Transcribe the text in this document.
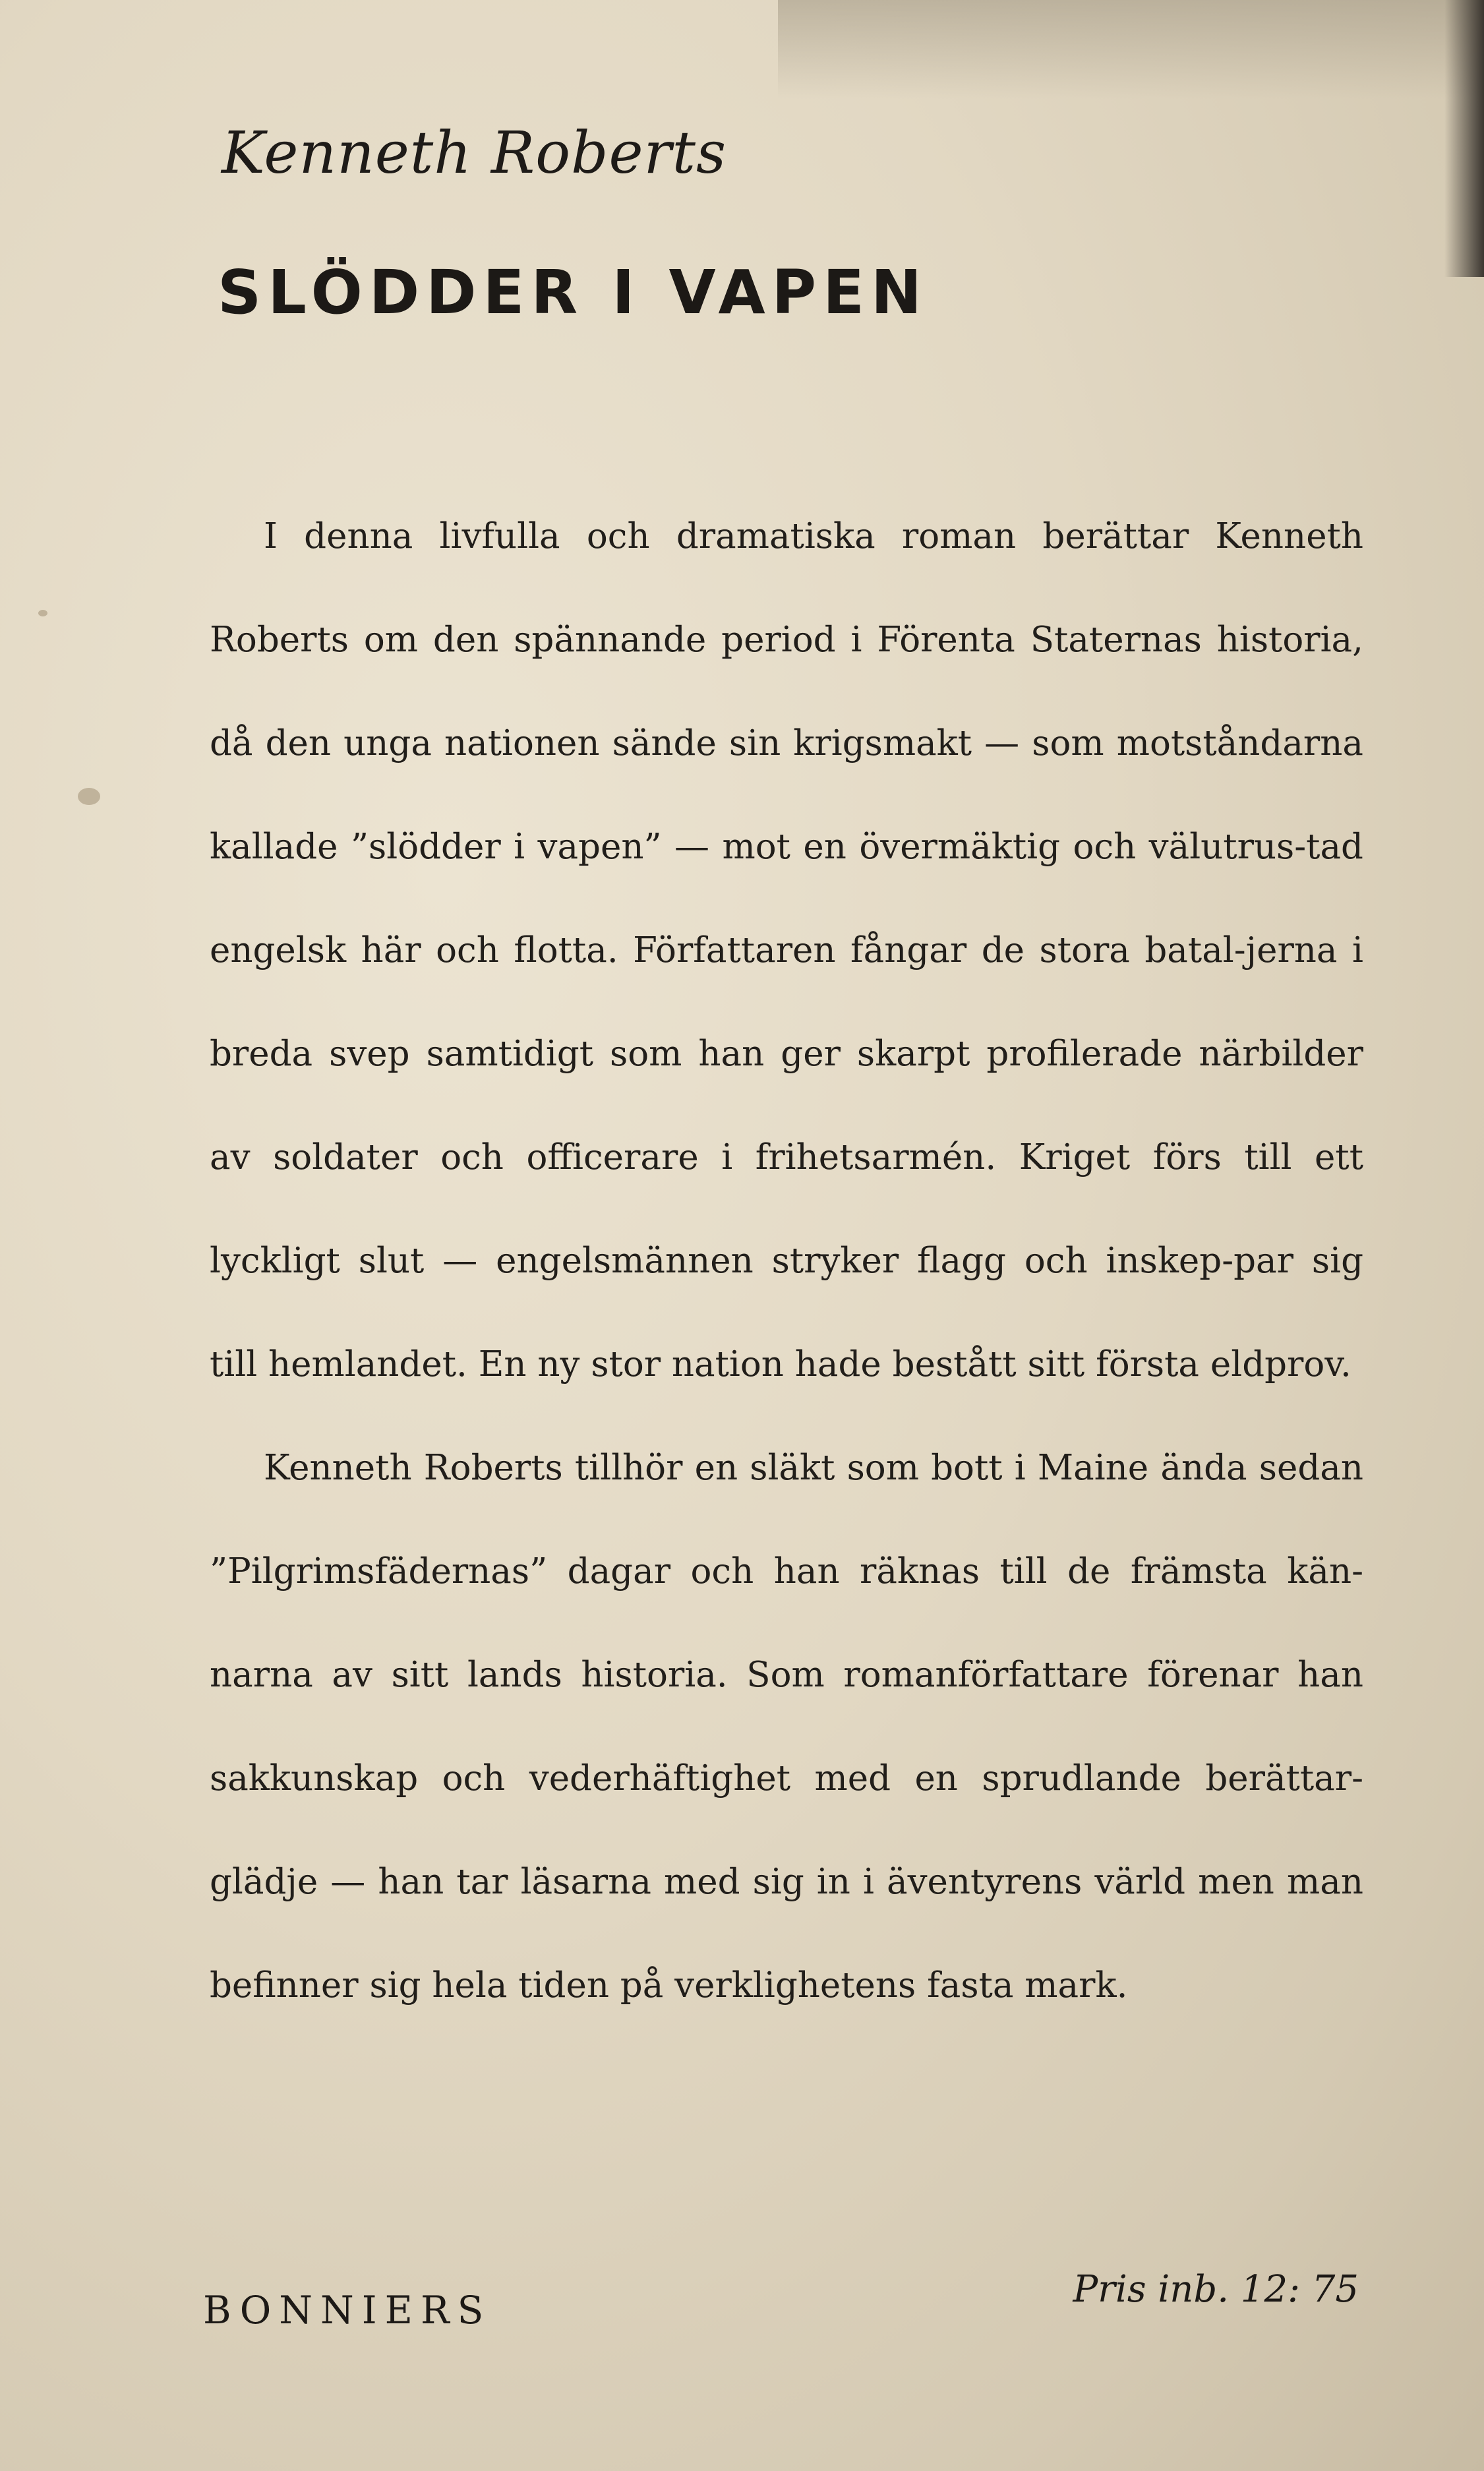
Kenneth Roberts
SLÖDDER I VAPEN

I denna livfulla och dramatiska roman berättar Kenneth Roberts om den spännande period i Förenta Staternas historia, då den unga nationen sände sin krigsmakt — som motståndarna kallade ”slödder i vapen” — mot en övermäktig och välutrus-tad engelsk här och flotta. Författaren fångar de stora batal-jerna i breda svep samtidigt som han ger skarpt profilerade närbilder av soldater och officerare i frihetsarmén. Kriget förs till ett lyckligt slut — engelsmännen stryker flagg och inskep-par sig till hemlandet. En ny stor nation hade bestått sitt första eldprov.

Kenneth Roberts tillhör en släkt som bott i Maine ända sedan ”Pilgrimsfädernas” dagar och han räknas till de främsta kän-narna av sitt lands historia. Som romanförfattare förenar han sakkunskap och vederhäftighet med en sprudlande berättar-glädje — han tar läsarna med sig in i äventyrens värld men man befinner sig hela tiden på verklighetens fasta mark.

BONNIERS	Pris inb. 12: 75
